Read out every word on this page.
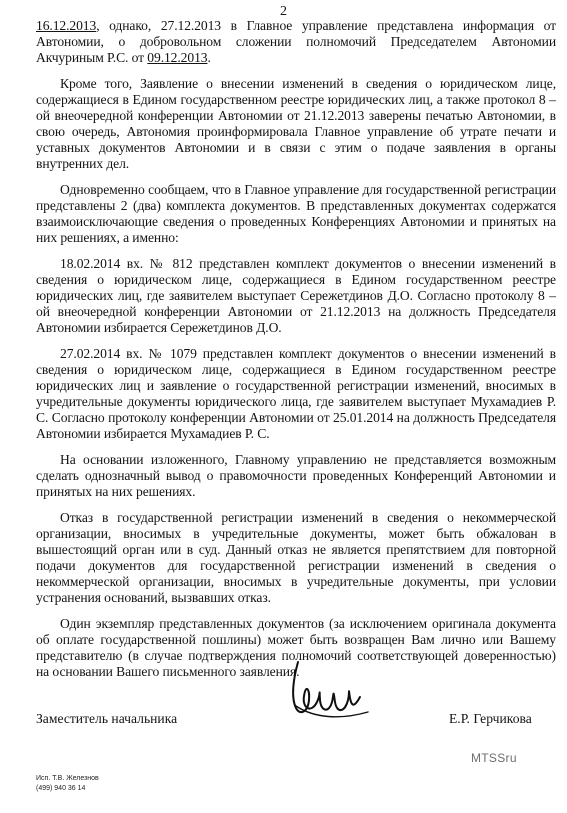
2

16.12.2013, однако, 27.12.2013 в Главное управление представлена информация от Автономии, о добровольном сложении полномочий Председателем Автономии Акчуриным Р.С. от 09.12.2013.

Кроме того, Заявление о внесении изменений в сведения о юридическом лице, содержащиеся в Едином государственном реестре юридических лиц, а также протокол 8 – ой внеочередной конференции Автономии от 21.12.2013 заверены печатью Автономии, в свою очередь, Автономия проинформировала Главное управление об утрате печати и уставных документов Автономии и в связи с этим о подаче заявления в органы внутренних дел.

Одновременно сообщаем, что в Главное управление для государственной регистрации представлены 2 (два) комплекта документов. В представленных документах содержатся взаимоисключающие сведения о проведенных Конференциях Автономии и принятых на них решениях, а именно:

18.02.2014 вх. № 812 представлен комплект документов о внесении изменений в сведения о юридическом лице, содержащиеся в Едином государственном реестре юридических лиц, где заявителем выступает Сережетдинов Д.О. Согласно протоколу 8 – ой внеочередной конференции Автономии от 21.12.2013 на должность Председателя Автономии избирается Сережетдинов Д.О.

27.02.2014 вх. № 1079 представлен комплект документов о внесении изменений в сведения о юридическом лице, содержащиеся в Едином государственном реестре юридических лиц и заявление о государственной регистрации изменений, вносимых в учредительные документы юридического лица, где заявителем выступает Мухамадиев Р. С. Согласно протоколу конференции Автономии от 25.01.2014 на должность Председателя Автономии избирается Мухамадиев Р. С.

На основании изложенного, Главному управлению не представляется возможным сделать однозначный вывод о правомочности проведенных Конференций Автономии и принятых на них решениях.

Отказ в государственной регистрации изменений в сведения о некоммерческой организации, вносимых в учредительные документы, может быть обжалован в вышестоящий орган или в суд. Данный отказ не является препятствием для повторной подачи документов для государственной регистрации изменений в сведения о некоммерческой организации, вносимых в учредительные документы, при условии устранения оснований, вызвавших отказ.

Один экземпляр представленных документов (за исключением оригинала документа об оплате государственной пошлины) может быть возвращен Вам лично или Вашему представителю (в случае подтверждения полномочий соответствующей доверенностью) на основании Вашего письменного заявления.

Заместитель начальника	Е.Р. Герчикова
MTSSru
Исп. Т.В. Железнов
(499) 940 36 14
